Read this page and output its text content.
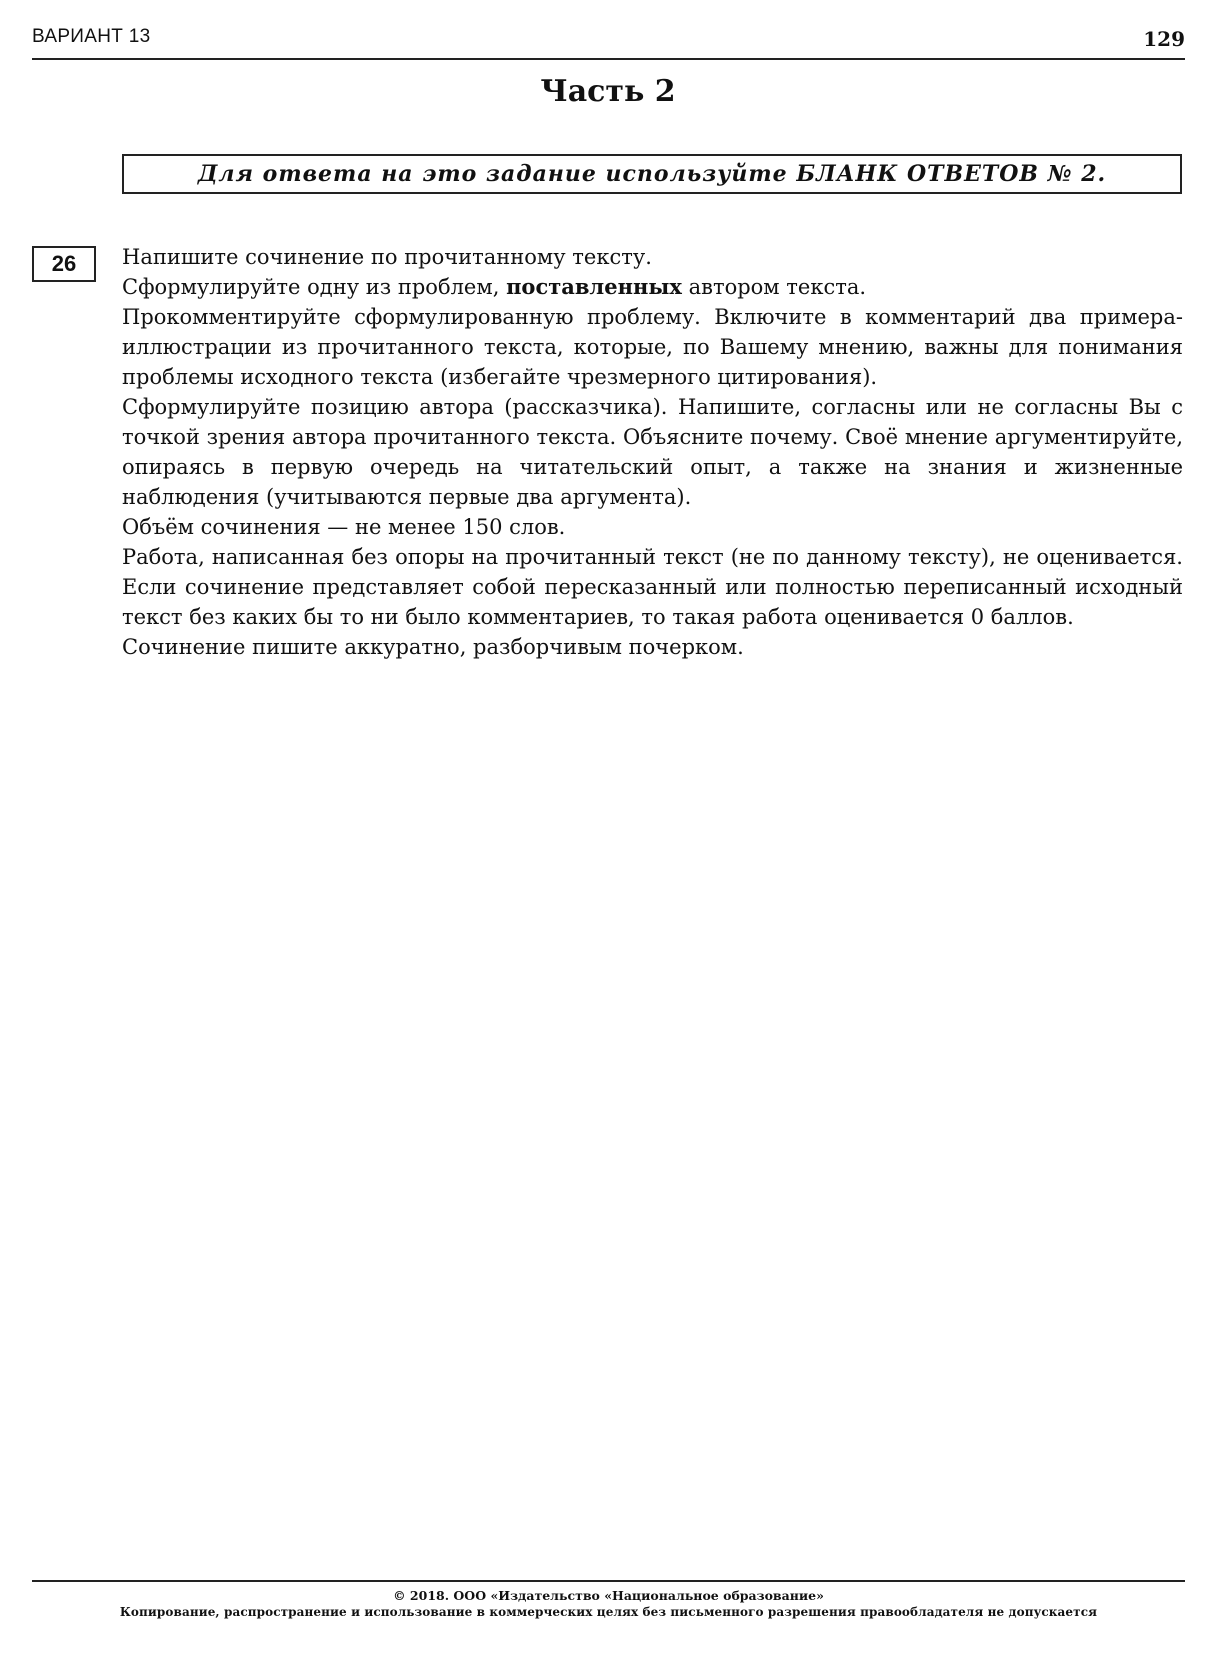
ВАРИАНТ 13	129
Часть 2
Для ответа на это задание используйте БЛАНК ОТВЕТОВ № 2.
26	Напишите сочинение по прочитанному тексту.

Сформулируйте одну из проблем, поставленных автором текста.

Прокомментируйте сформулированную проблему. Включите в комментарий два примера-иллюстрации из прочитанного текста, которые, по Вашему мнению, важны для понимания проблемы исходного текста (избегайте чрезмерного цитирования).

Сформулируйте позицию автора (рассказчика). Напишите, согласны или не согласны Вы с точкой зрения автора прочитанного текста. Объясните почему. Своё мнение аргументируйте, опираясь в первую очередь на читательский опыт, а также на знания и жизненные наблюдения (учитываются первые два аргумента).

Объём сочинения — не менее 150 слов.

Работа, написанная без опоры на прочитанный текст (не по данному тексту), не оценивается. Если сочинение представляет собой пересказанный или полностью переписанный исходный текст без каких бы то ни было комментариев, то такая работа оценивается 0 баллов.

Сочинение пишите аккуратно, разборчивым почерком.

© 2018. ООО «Издательство «Национальное образование»
Копирование, распространение и использование в коммерческих целях без письменного разрешения правообладателя не допускается
